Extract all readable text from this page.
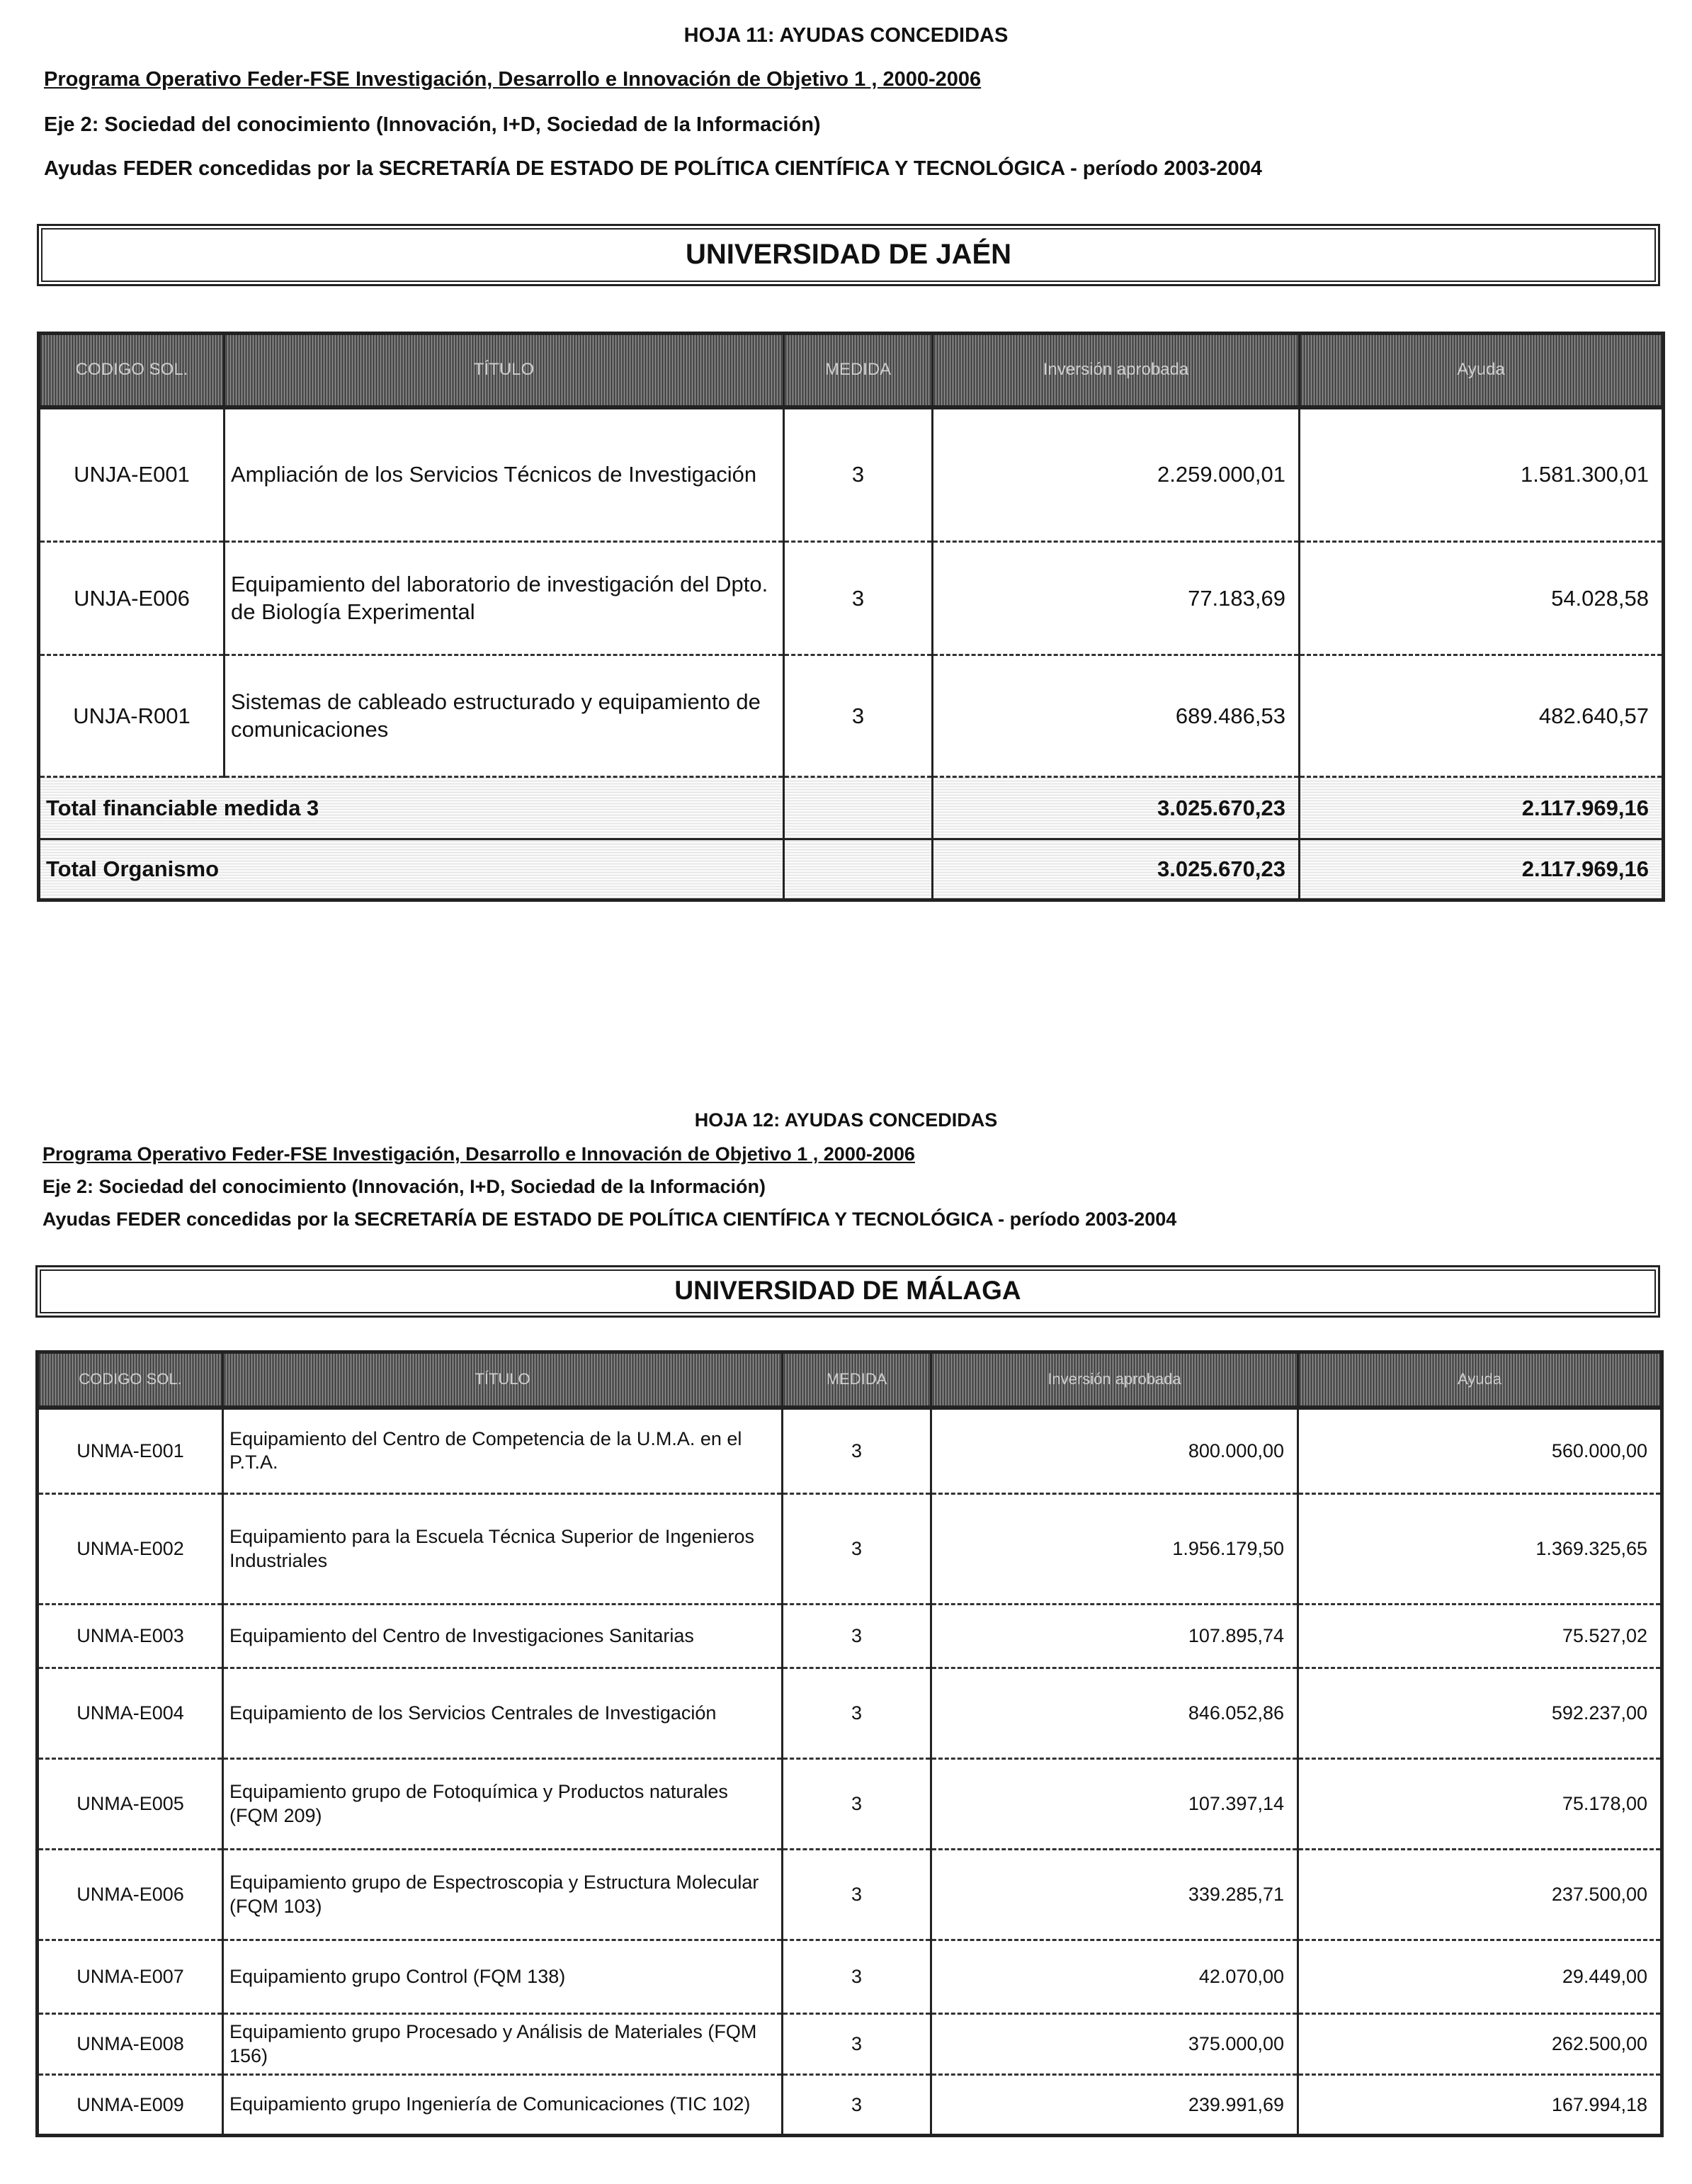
HOJA 11: AYUDAS CONCEDIDAS
Programa Operativo Feder-FSE Investigación, Desarrollo e Innovación de Objetivo 1 , 2000-2006
Eje 2: Sociedad del conocimiento (Innovación, I+D, Sociedad de la Información)
Ayudas FEDER concedidas por la SECRETARÍA DE ESTADO DE POLÍTICA CIENTÍFICA Y TECNOLÓGICA - período 2003-2004
UNIVERSIDAD DE JAÉN
CODIGO SOL.	TÍTULO	MEDIDA	Inversión aprobada	Ayuda
UNJA-E001	Ampliación de los Servicios Técnicos de Investigación	3	2.259.000,01	1.581.300,01
UNJA-E006	Equipamiento del laboratorio de investigación del Dpto. de Biología Experimental	3	77.183,69	54.028,58
UNJA-R001	Sistemas de cableado estructurado y equipamiento de comunicaciones	3	689.486,53	482.640,57
Total financiable medida 3			3.025.670,23	2.117.969,16
Total Organismo			3.025.670,23	2.117.969,16
HOJA 12: AYUDAS CONCEDIDAS
Programa Operativo Feder-FSE Investigación, Desarrollo e Innovación de Objetivo 1 , 2000-2006
Eje 2: Sociedad del conocimiento (Innovación, I+D, Sociedad de la Información)
Ayudas FEDER concedidas por la SECRETARÍA DE ESTADO DE POLÍTICA CIENTÍFICA Y TECNOLÓGICA - período 2003-2004
UNIVERSIDAD DE MÁLAGA
CODIGO SOL.	TÍTULO	MEDIDA	Inversión aprobada	Ayuda
UNMA-E001	Equipamiento del Centro de Competencia de la U.M.A. en el P.T.A.	3	800.000,00	560.000,00
UNMA-E002	Equipamiento para la Escuela Técnica Superior de Ingenieros Industriales	3	1.956.179,50	1.369.325,65
UNMA-E003	Equipamiento del Centro de Investigaciones Sanitarias	3	107.895,74	75.527,02
UNMA-E004	Equipamiento de los Servicios Centrales de Investigación	3	846.052,86	592.237,00
UNMA-E005	Equipamiento grupo de Fotoquímica y Productos naturales (FQM 209)	3	107.397,14	75.178,00
UNMA-E006	Equipamiento grupo de Espectroscopia y Estructura Molecular (FQM 103)	3	339.285,71	237.500,00
UNMA-E007	Equipamiento grupo Control (FQM 138)	3	42.070,00	29.449,00
UNMA-E008	Equipamiento grupo Procesado y Análisis de Materiales (FQM 156)	3	375.000,00	262.500,00
UNMA-E009	Equipamiento grupo Ingeniería de Comunicaciones (TIC 102)	3	239.991,69	167.994,18
